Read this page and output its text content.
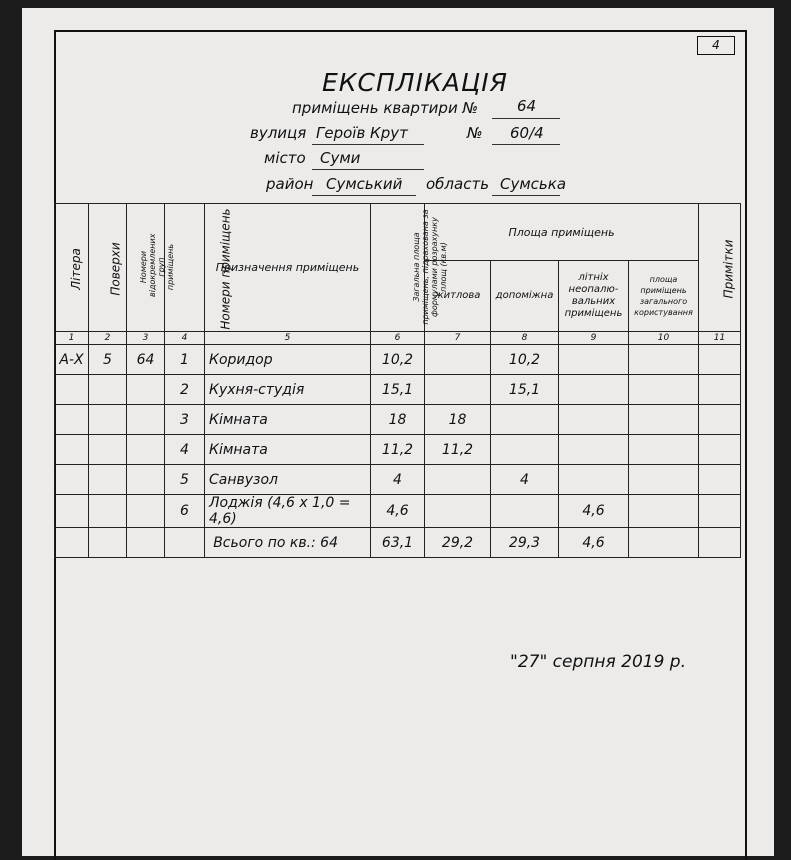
4
ЕКСПЛІКАЦІЯ
приміщень квартири №	64
вулиця Героїв Крут	№ 60/4
місто Суми
район Сумський область Сумська
Літера	Поверхи	Номери відокремлених груп приміщень	Номери приміщень	Призначення приміщень	Загальна площа приміщень, підрахована за формулами розрахунку площ (кв.м)	Площа приміщень				Примітки
						житлова	допоміжна	літніх неопалю-вальних приміщень	площа приміщень загального користування	
1	2	3	4	5	6	7	8	9	10	11
А-Х	5	64	1	Коридор	10,2		10,2			
			2	Кухня-студія	15,1		15,1			
			3	Кімната	18	18				
			4	Кімната	11,2	11,2				
			5	Санвузол	4		4			
			6	Лоджія (4,6 х 1,0 = 4,6)	4,6			4,6		
				Всього по кв.: 64	63,1	29,2	29,3	4,6		
"27" серпня 2019 р.
